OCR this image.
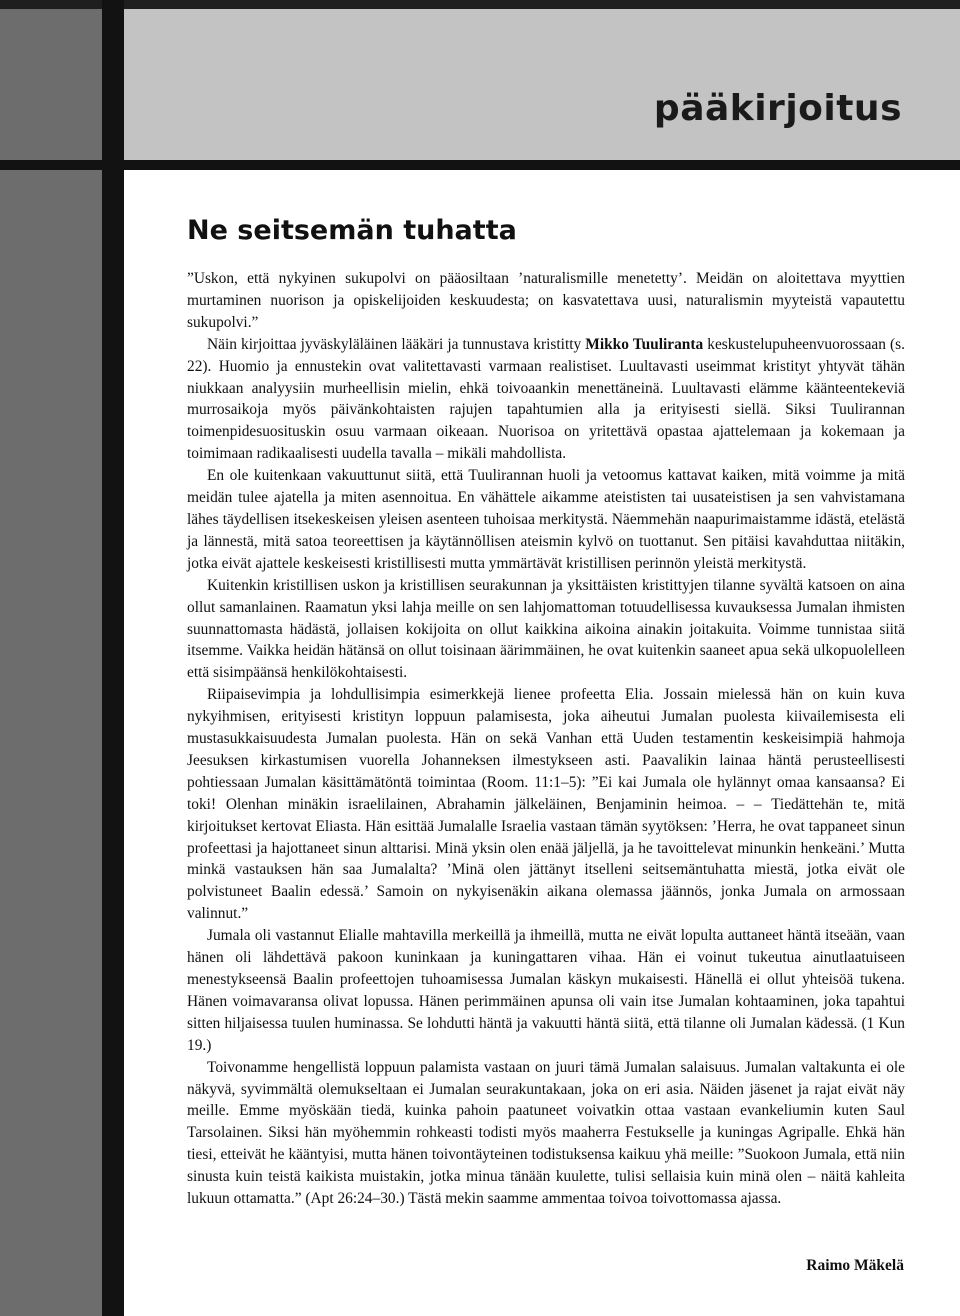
pääkirjoitus
Ne seitsemän tuhatta

”Uskon, että nykyinen sukupolvi on pääosiltaan ’naturalismille menetetty’. Meidän on aloitettava myyttien murtaminen nuorison ja opiskelijoiden keskuudesta; on kasvatettava uusi, naturalismin myyteistä vapautettu sukupolvi.”

Näin kirjoittaa jyväskyläläinen lääkäri ja tunnustava kristitty Mikko Tuuliranta keskustelupuheenvuorossaan (s. 22). Huomio ja ennustekin ovat valitettavasti varmaan realistiset. Luultavasti useimmat kristityt yhtyvät tähän niukkaan analyysiin murheellisin mielin, ehkä toivoaankin menettäneinä. Luultavasti elämme käänteentekeviä murrosaikoja myös päivänkohtaisten rajujen tapahtumien alla ja erityisesti siellä. Siksi Tuulirannan toimenpidesuosituskin osuu varmaan oikeaan. Nuorisoa on yritettävä opastaa ajattelemaan ja kokemaan ja toimimaan radikaalisesti uudella tavalla – mikäli mahdollista.

En ole kuitenkaan vakuuttunut siitä, että Tuulirannan huoli ja vetoomus kattavat kaiken, mitä voimme ja mitä meidän tulee ajatella ja miten asennoitua. En vähättele aikamme ateististen tai uusateistisen ja sen vahvistamana lähes täydellisen itsekeskeisen yleisen asenteen tuhoisaa merkitystä. Näemmehän naapurimaistamme idästä, etelästä ja lännestä, mitä satoa teoreettisen ja käytännöllisen ateismin kylvö on tuottanut. Sen pitäisi kavahduttaa niitäkin, jotka eivät ajattele keskeisesti kristillisesti mutta ymmärtävät kristillisen perinnön yleistä merkitystä.

Kuitenkin kristillisen uskon ja kristillisen seurakunnan ja yksittäisten kristittyjen tilanne syvältä katsoen on aina ollut samanlainen. Raamatun yksi lahja meille on sen lahjomattoman totuudellisessa kuvauksessa Jumalan ihmisten suunnattomasta hädästä, jollaisen kokijoita on ollut kaikkina aikoina ainakin joitakuita. Voimme tunnistaa siitä itsemme. Vaikka heidän hätänsä on ollut toisinaan äärimmäinen, he ovat kuitenkin saaneet apua sekä ulkopuolelleen että sisimpäänsä henkilökohtaisesti.

Riipaisevimpia ja lohdullisimpia esimerkkejä lienee profeetta Elia. Jossain mielessä hän on kuin kuva nykyihmisen, erityisesti kristityn loppuun palamisesta, joka aiheutui Jumalan puolesta kiivailemisesta eli mustasukkaisuudesta Jumalan puolesta. Hän on sekä Vanhan että Uuden testamentin keskeisimpiä hahmoja Jeesuksen kirkastumisen vuorella Johanneksen ilmestykseen asti. Paavalikin lainaa häntä perusteellisesti pohtiessaan Jumalan käsittämätöntä toimintaa (Room. 11:1–5): ”Ei kai Jumala ole hylännyt omaa kansaansa? Ei toki! Olenhan minäkin israelilainen, Abrahamin jälkeläinen, Benjaminin heimoa. – – Tiedättehän te, mitä kirjoitukset kertovat Eliasta. Hän esittää Jumalalle Israelia vastaan tämän syytöksen: ’Herra, he ovat tappaneet sinun profeettasi ja hajottaneet sinun alttarisi. Minä yksin olen enää jäljellä, ja he tavoittelevat minunkin henkeäni.’ Mutta minkä vastauksen hän saa Jumalalta? ’Minä olen jättänyt itselleni seitsemäntuhatta miestä, jotka eivät ole polvistuneet Baalin edessä.’ Samoin on nykyisenäkin aikana olemassa jäännös, jonka Jumala on armossaan valinnut.”

Jumala oli vastannut Elialle mahtavilla merkeillä ja ihmeillä, mutta ne eivät lopulta auttaneet häntä itseään, vaan hänen oli lähdettävä pakoon kuninkaan ja kuningattaren vihaa. Hän ei voinut tukeutua ainutlaatuiseen menestykseensä Baalin profeettojen tuhoamisessa Jumalan käskyn mukaisesti. Hänellä ei ollut yhteisöä tukena. Hänen voimavaransa olivat lopussa. Hänen perimmäinen apunsa oli vain itse Jumalan kohtaaminen, joka tapahtui sitten hiljaisessa tuulen huminassa. Se lohdutti häntä ja vakuutti häntä siitä, että tilanne oli Jumalan kädessä. (1 Kun 19.)

Toivonamme hengellistä loppuun palamista vastaan on juuri tämä Jumalan salaisuus. Jumalan valtakunta ei ole näkyvä, syvimmältä olemukseltaan ei Jumalan seurakuntakaan, joka on eri asia. Näiden jäsenet ja rajat eivät näy meille. Emme myöskään tiedä, kuinka pahoin paatuneet voivatkin ottaa vastaan evankeliumin kuten Saul Tarsolainen. Siksi hän myöhemmin rohkeasti todisti myös maaherra Festukselle ja kuningas Agripalle. Ehkä hän tiesi, etteivät he kääntyisi, mutta hänen toivontäyteinen todistuksensa kaikuu yhä meille: ”Suokoon Jumala, että niin sinusta kuin teistä kaikista muistakin, jotka minua tänään kuulette, tulisi sellaisia kuin minä olen – näitä kahleita lukuun ottamatta.” (Apt 26:24–30.) Tästä mekin saamme ammentaa toivoa toivottomassa ajassa.

Raimo Mäkelä
